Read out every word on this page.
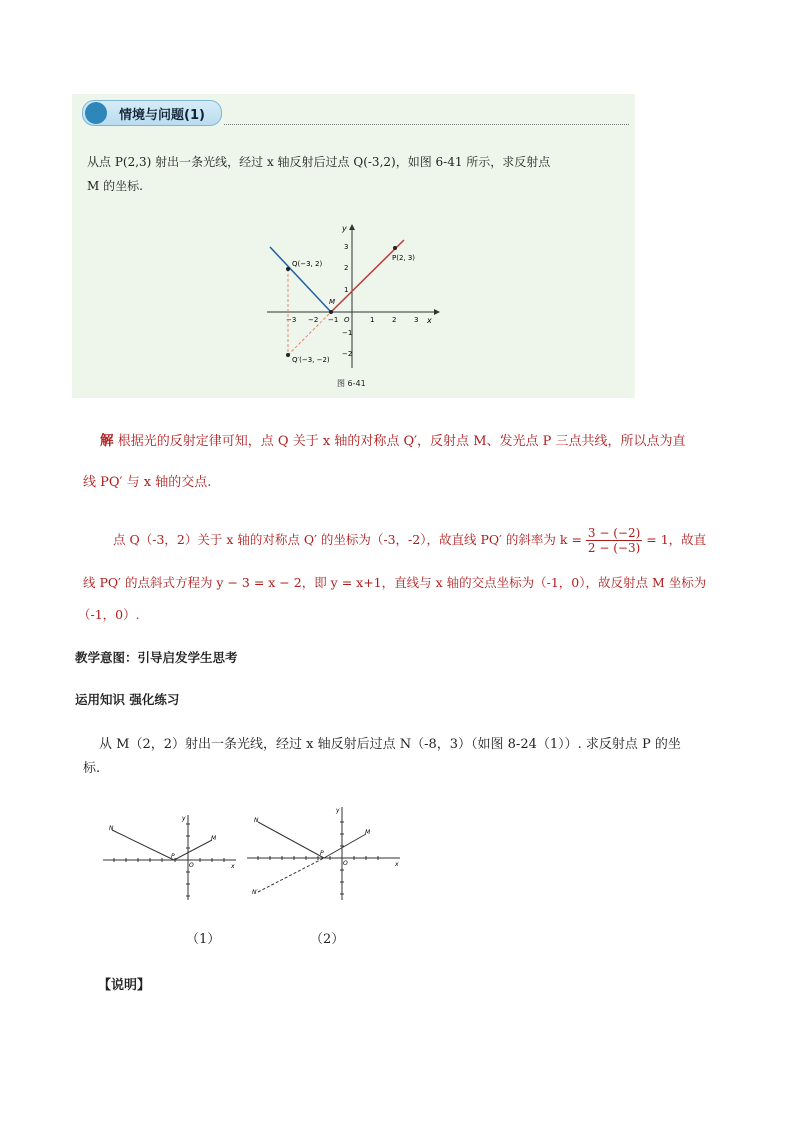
情境与问题(1)
从点 P(2,3) 射出一条光线，经过 x 轴反射后过点 Q(-3,2)，如图 6-41 所示，求反射点
M 的坐标.
x
y
O
−3 −2 −1	1	2	3
3
2
1
−1
−2
Q(−3, 2)
P(2, 3)
Q′(−3, −2)
M
图 6-41
解 根据光的反射定律可知，点 Q 关于 x 轴的对称点 Q′，反射点 M、发光点 P 三点共线，所以点为直
线 PQ′ 与 x 轴的交点.
点 Q（-3，2）关于 x 轴的对称点 Q′ 的坐标为（-3，-2），故直线 PQ′ 的斜率为 $k = \frac{3 - (-2)}{2 - (-3)} = 1$，故直
线 PQ′ 的点斜式方程为 y − 3 = x − 2，即 y = x+1，直线与 x 轴的交点坐标为（-1，0），故反射点 M 坐标为
（-1，0）.
教学意图：引导启发学生思考
运用知识 强化练习
从 M（2，2）射出一条光线，经过 x 轴反射后过点 N（-8，3）（如图 8-24（1））. 求反射点 P 的坐
标.
N
M
P
O	x
y	N
M
P
O	x
y
N′
（1）	（2）
【说明】
